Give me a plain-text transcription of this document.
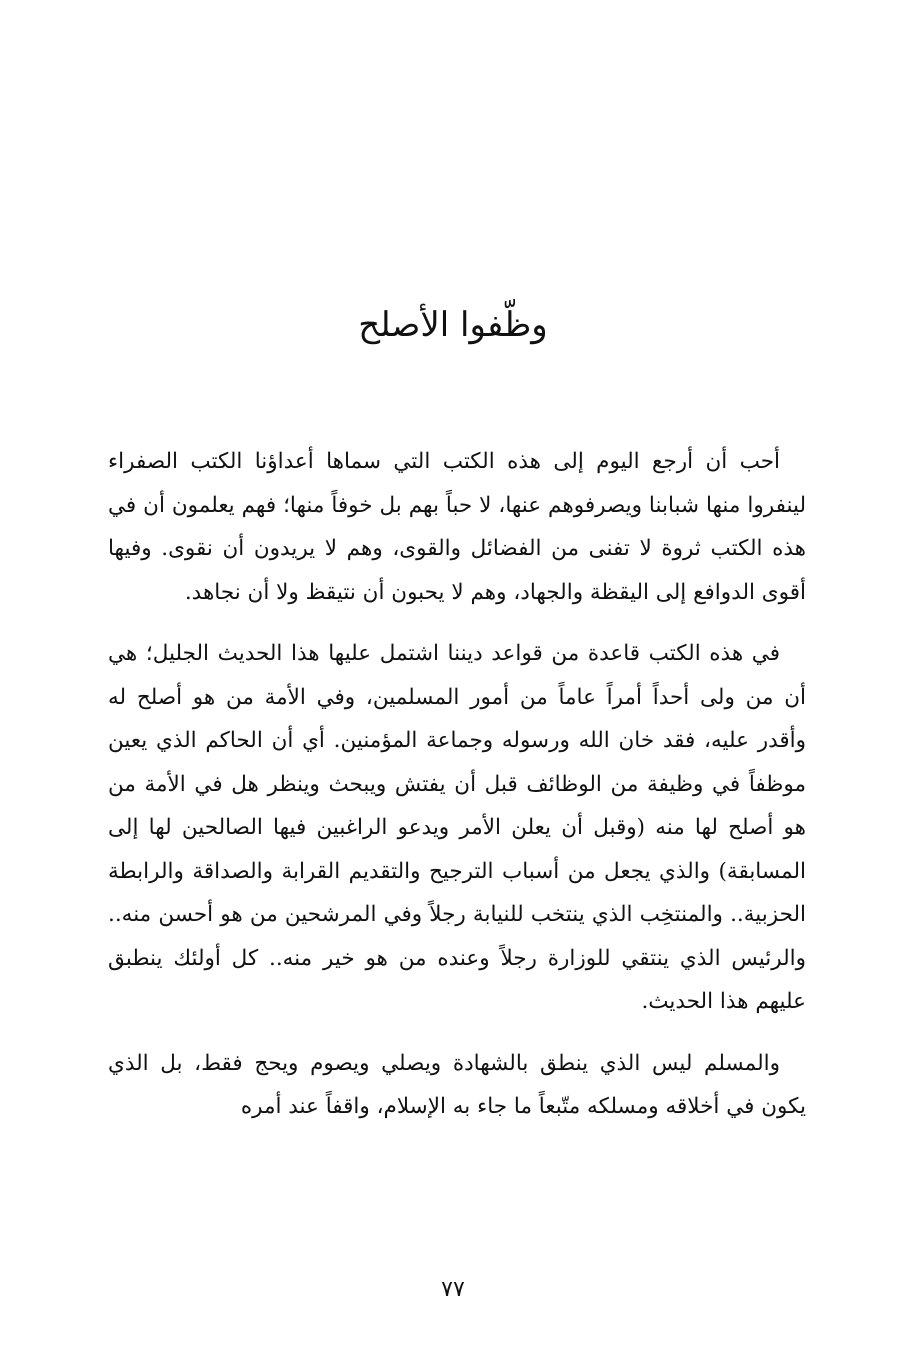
وظّفوا الأصلح

أحب أن أرجع اليوم إلى هذه الكتب التي سماها أعداؤنا الكتب الصفراء لينفروا منها شبابنا ويصرفوهم عنها، لا حباً بهم بل خوفاً منها؛ فهم يعلمون أن في هذه الكتب ثروة لا تفنى من الفضائل والقوى، وهم لا يريدون أن نقوى. وفيها أقوى الدوافع إلى اليقظة والجهاد، وهم لا يحبون أن نتيقظ ولا أن نجاهد.

في هذه الكتب قاعدة من قواعد ديننا اشتمل عليها هذا الحديث الجليل؛ هي أن من ولى أحداً أمراً عاماً من أمور المسلمين، وفي الأمة من هو أصلح له وأقدر عليه، فقد خان الله ورسوله وجماعة المؤمنين. أي أن الحاكم الذي يعين موظفاً في وظيفة من الوظائف قبل أن يفتش ويبحث وينظر هل في الأمة من هو أصلح لها منه (وقبل أن يعلن الأمر ويدعو الراغبين فيها الصالحين لها إلى المسابقة) والذي يجعل من أسباب الترجيح والتقديم القرابة والصداقة والرابطة الحزبية.. والمنتخِب الذي ينتخب للنيابة رجلاً وفي المرشحين من هو أحسن منه.. والرئيس الذي ينتقي للوزارة رجلاً وعنده من هو خير منه.. كل أولئك ينطبق عليهم هذا الحديث.

والمسلم ليس الذي ينطق بالشهادة ويصلي ويصوم ويحج فقط، بل الذي يكون في أخلاقه ومسلكه متّبعاً ما جاء به الإسلام، واقفاً عند أمره

٧٧
